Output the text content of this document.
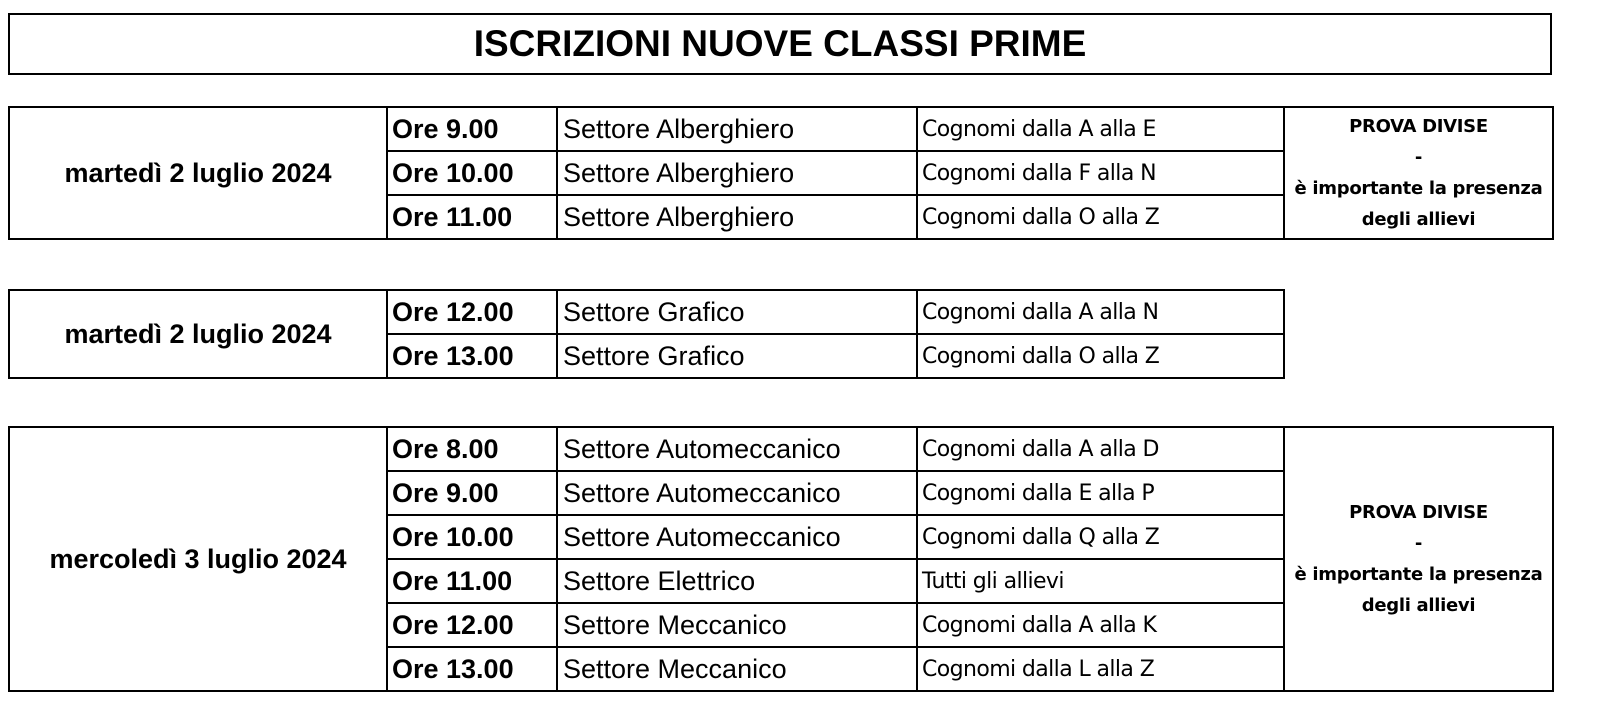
ISCRIZIONI NUOVE CLASSI PRIME
martedì 2 luglio 2024	Ore 9.00	Settore Alberghiero	Cognomi dalla A alla E	PROVA DIVISE
-
è importante la presenza
degli allievi

	Ore 10.00	Settore Alberghiero	Cognomi dalla F alla N	
	Ore 11.00	Settore Alberghiero	Cognomi dalla O alla Z	
martedì 2 luglio 2024	Ore 12.00	Settore Grafico	Cognomi dalla A alla N
	Ore 13.00	Settore Grafico	Cognomi dalla O alla Z
mercoledì 3 luglio 2024	Ore 8.00	Settore Automeccanico	Cognomi dalla A alla D	PROVA DIVISE
-
è importante la presenza
degli allievi

	Ore 9.00	Settore Automeccanico	Cognomi dalla E alla P	
	Ore 10.00	Settore Automeccanico	Cognomi dalla Q alla Z	
	Ore 11.00	Settore Elettrico	Tutti gli allievi	
	Ore 12.00	Settore Meccanico	Cognomi dalla A alla K	
	Ore 13.00	Settore Meccanico	Cognomi dalla L alla Z	
